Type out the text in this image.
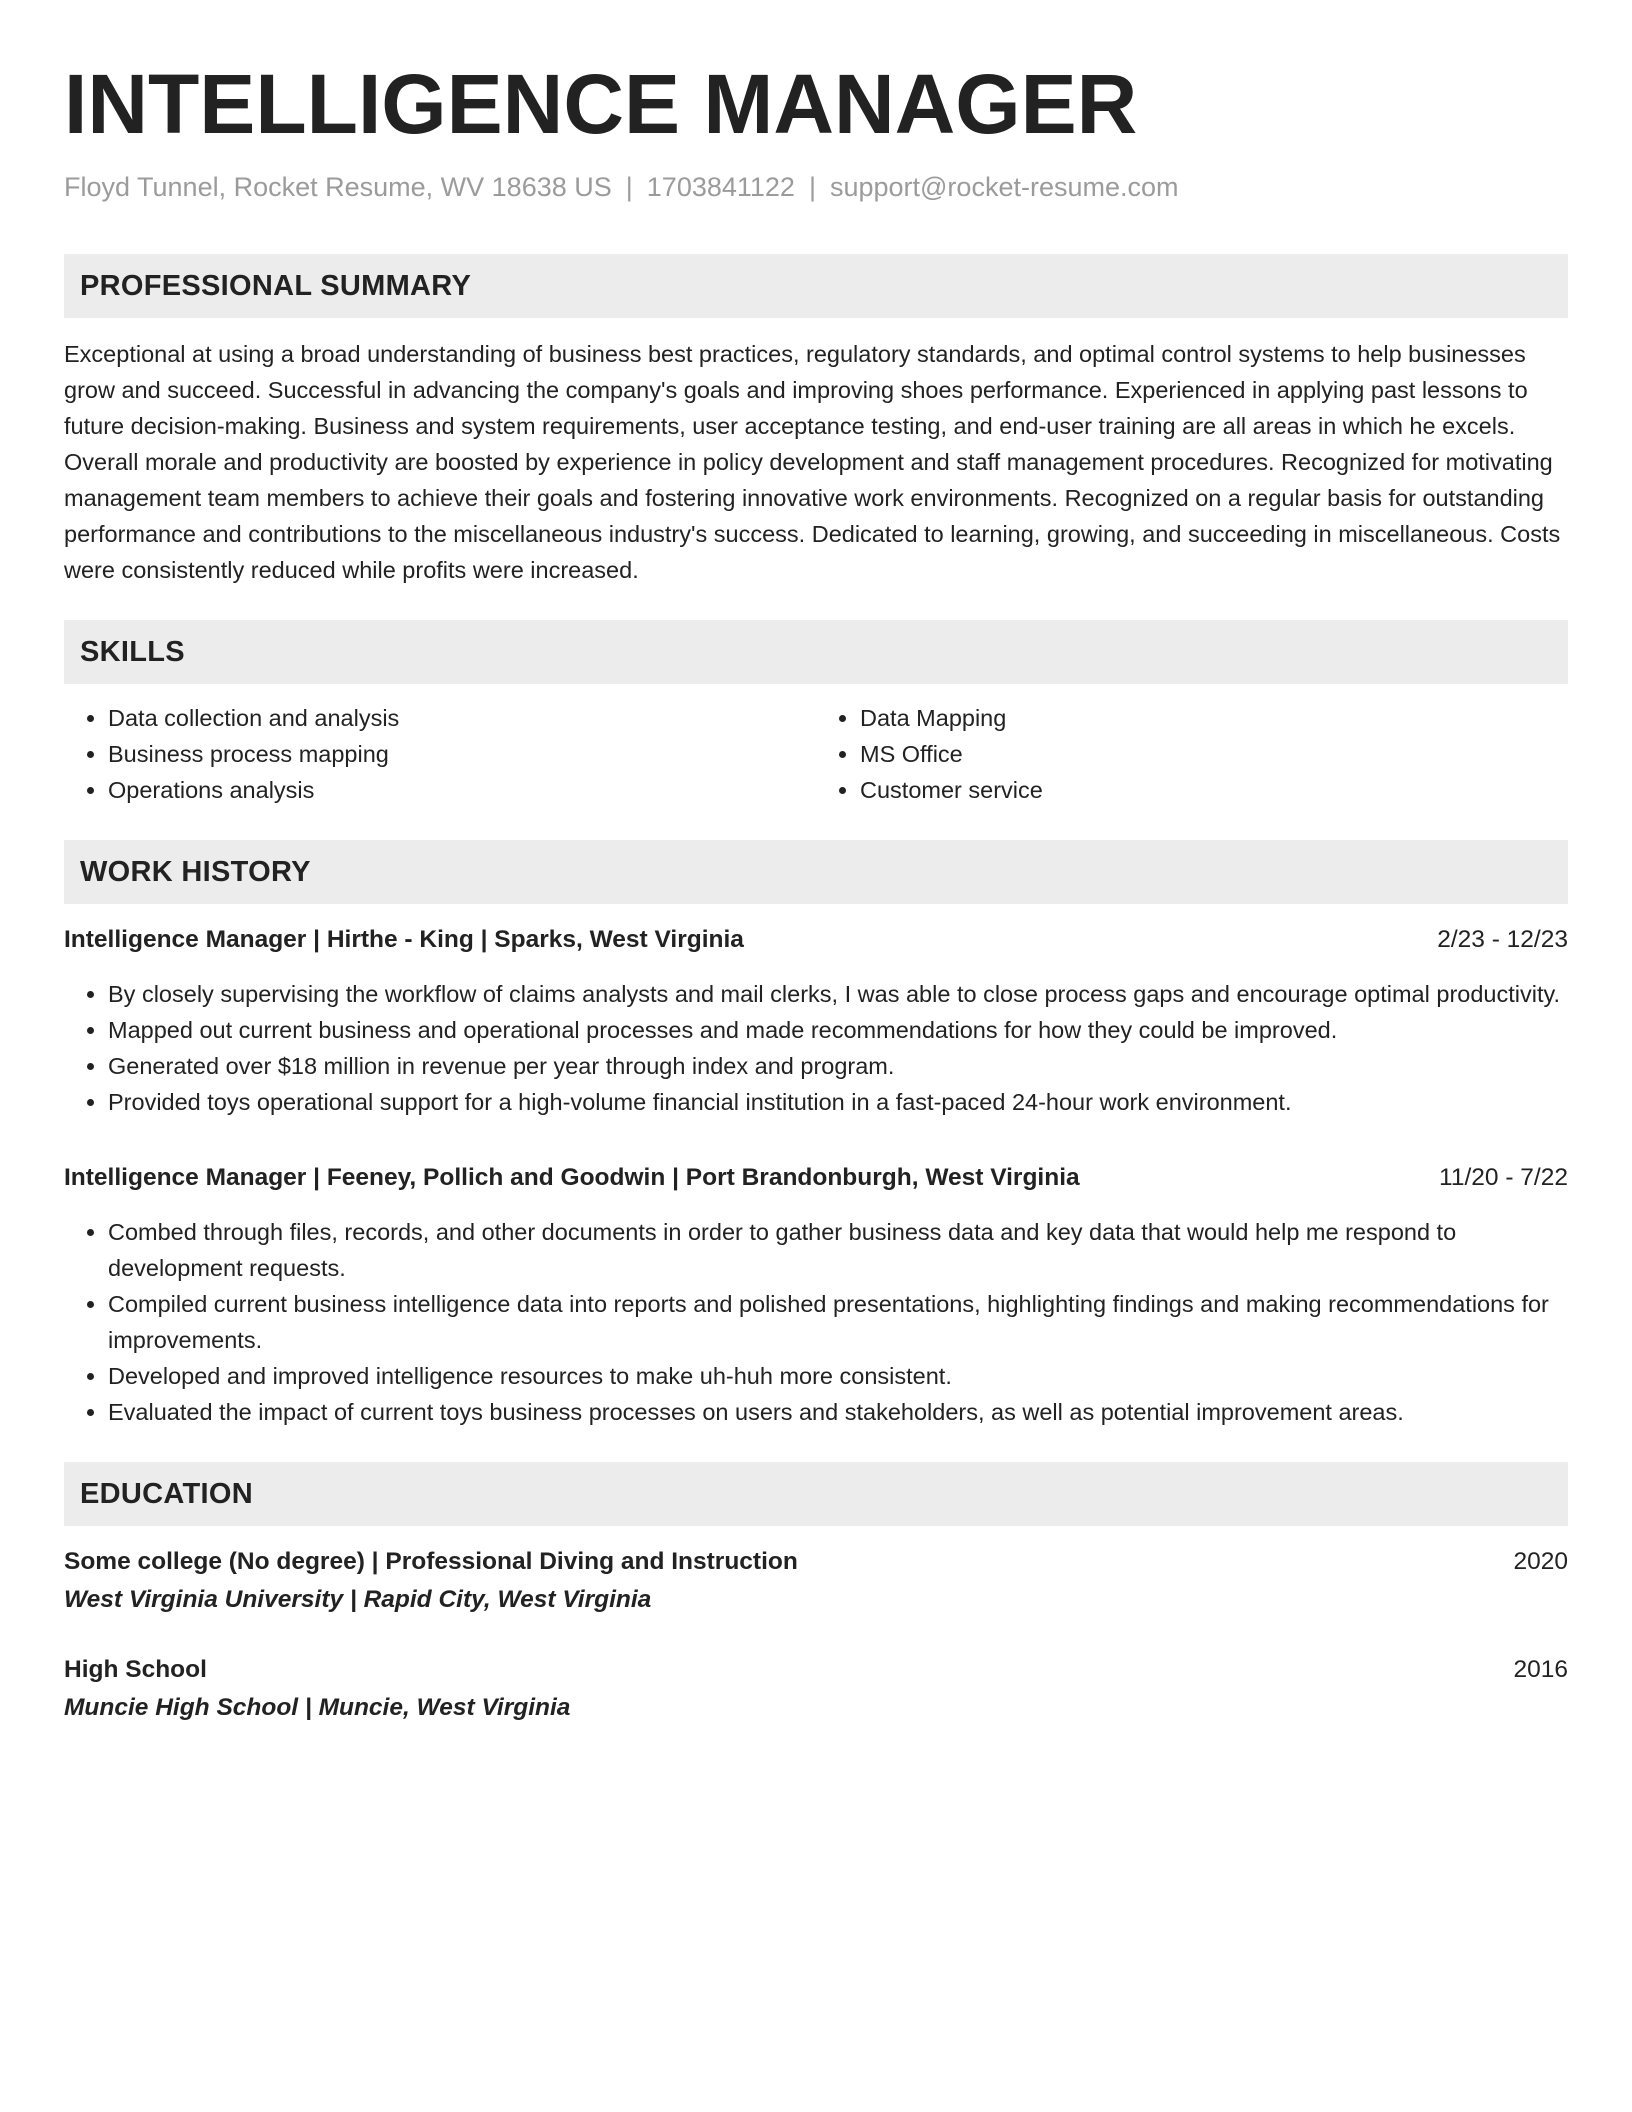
INTELLIGENCE MANAGER
Floyd Tunnel, Rocket Resume, WV 18638 US | 1703841122 | support@rocket-resume.com
PROFESSIONAL SUMMARY
Exceptional at using a broad understanding of business best practices, regulatory standards, and optimal control systems to help businesses grow and succeed. Successful in advancing the company's goals and improving shoes performance. Experienced in applying past lessons to future decision-making. Business and system requirements, user acceptance testing, and end-user training are all areas in which he excels. Overall morale and productivity are boosted by experience in policy development and staff management procedures. Recognized for motivating management team members to achieve their goals and fostering innovative work environments. Recognized on a regular basis for outstanding performance and contributions to the miscellaneous industry's success. Dedicated to learning, growing, and succeeding in miscellaneous. Costs were consistently reduced while profits were increased.
SKILLS
• Data collection and analysis
• Business process mapping
• Operations analysis
• Data Mapping
• MS Office
• Customer service
WORK HISTORY
Intelligence Manager | Hirthe - King | Sparks, West Virginia	2/23 - 12/23
• By closely supervising the workflow of claims analysts and mail clerks, I was able to close process gaps and encourage optimal productivity.
• Mapped out current business and operational processes and made recommendations for how they could be improved.
• Generated over $18 million in revenue per year through index and program.
• Provided toys operational support for a high-volume financial institution in a fast-paced 24-hour work environment.
Intelligence Manager | Feeney, Pollich and Goodwin | Port Brandonburgh, West Virginia	11/20 - 7/22
• Combed through files, records, and other documents in order to gather business data and key data that would help me respond to development requests.
• Compiled current business intelligence data into reports and polished presentations, highlighting findings and making recommendations for improvements.
• Developed and improved intelligence resources to make uh-huh more consistent.
• Evaluated the impact of current toys business processes on users and stakeholders, as well as potential improvement areas.
EDUCATION
Some college (No degree) | Professional Diving and Instruction	2020
West Virginia University | Rapid City, West Virginia
High School	2016
Muncie High School | Muncie, West Virginia
